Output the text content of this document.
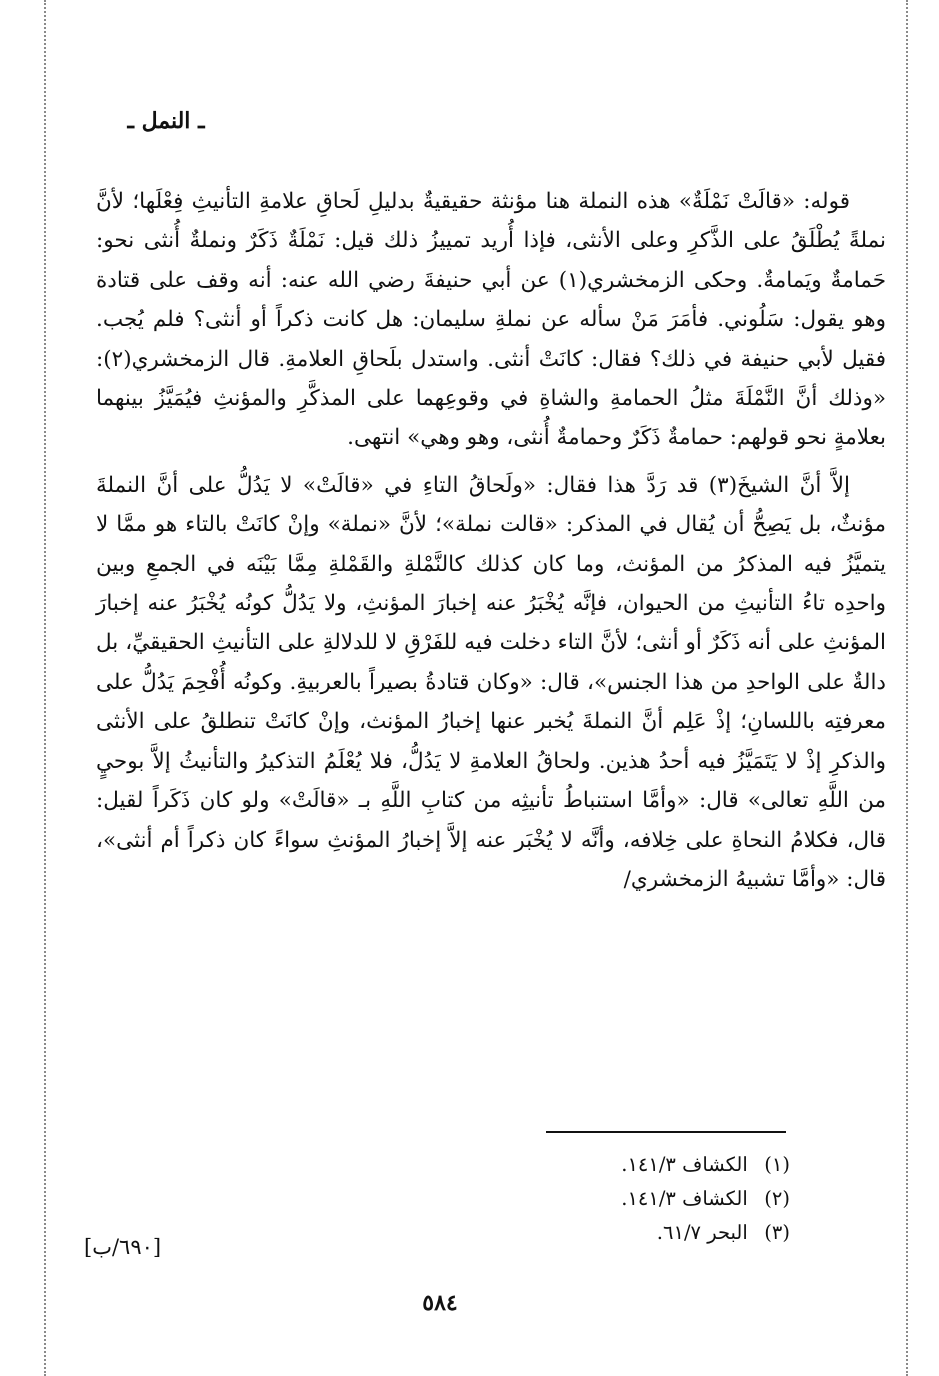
ـ النمل ـ

قوله: «قالَتْ نَمْلَةٌ» هذه النملة هنا مؤنثة حقيقيةٌ بدليلِ لَحاقِ علامةِ التأنيثِ فِعْلَها؛ لأنَّ نملةً يُطْلَقُ على الذَّكرِ وعلى الأنثى، فإذا أُريد تمييزُ ذلك قيل: نَمْلَةٌ ذَكَرٌ ونملةٌ أُنثى نحو: حَمامةٌ ويَمامةٌ. وحكى الزمخشري(١) عن أبي حنيفةَ رضي الله عنه: أنه وقف على قتادة وهو يقول: سَلُوني. فأمَرَ مَنْ سأله عن نملةِ سليمان: هل كانت ذكراً أو أنثى؟ فلم يُجب. فقيل لأبي حنيفة في ذلك؟ فقال: كانَتْ أنثى. واستدل بلَحاقِ العلامةِ. قال الزمخشري(٢): «وذلك أنَّ النَّمْلَةَ مثلُ الحمامةِ والشاةِ في وقوعِهما على المذكَّرِ والمؤنثِ فيُمَيَّزُ بينهما بعلامةٍ نحو قولهم: حمامةٌ ذَكَرٌ وحمامةٌ أُنثى، وهو وهي» انتهى.

إلاَّ أنَّ الشيخَ(٣) قد رَدَّ هذا فقال: «ولَحاقُ التاءِ في «قالَتْ» لا يَدُلُّ على أنَّ النملةَ مؤنثٌ، بل يَصِحُّ أن يُقال في المذكر: «قالت نملة»؛ لأنَّ «نملة» وإنْ كانَتْ بالتاء هو ممَّا لا يتميَّزُ فيه المذكرُ من المؤنث، وما كان كذلك كالنَّمْلةِ والقَمْلةِ مِمَّا بَيْنَه في الجمعِ وبين واحدِه تاءُ التأنيثِ من الحيوان، فإنَّه يُخْبَرُ عنه إخبارَ المؤنثِ، ولا يَدُلُّ كونُه يُخْبَرُ عنه إخبارَ المؤنثِ على أنه ذَكَرٌ أو أنثى؛ لأنَّ التاء دخلت فيه للفَرْقِ لا للدلالةِ على التأنيثِ الحقيقيِّ، بل دالةٌ على الواحدِ من هذا الجنس»، قال: «وكان قتادةُ بصيراً بالعربيةِ. وكونُه أُفْحِمَ يَدُلُّ على معرفتِه باللسانِ؛ إذْ عَلِم أنَّ النملةَ يُخبر عنها إخبارُ المؤنث، وإنْ كانَتْ تنطلقُ على الأنثى والذكرِ إذْ لا يَتَمَيَّزُ فيه أحدُ هذين. ولحاقُ العلامةِ لا يَدُلُّ، فلا يُعْلَمُ التذكيرُ والتأنيثُ إلاَّ بوحيٍ من اللَّهِ تعالى» قال: «وأمَّا استنباطُ تأنيثِه من كتابِ اللَّهِ بـ «قالَتْ» ولو كان ذَكَراً لقيل: قال، فكلامُ النحاةِ على خِلافه، وأنَّه لا يُخْبَر عنه إلاَّ إخبارُ المؤنثِ سواءً كان ذكراً أم أنثى»، قال: «وأمَّا تشبيهُ الزمخشري/

[٦٩٠/ب]
(١) الكشاف ١٤١/٣.
(٢) الكشاف ١٤١/٣.
(٣) البحر ٦١/٧.
٥٨٤
